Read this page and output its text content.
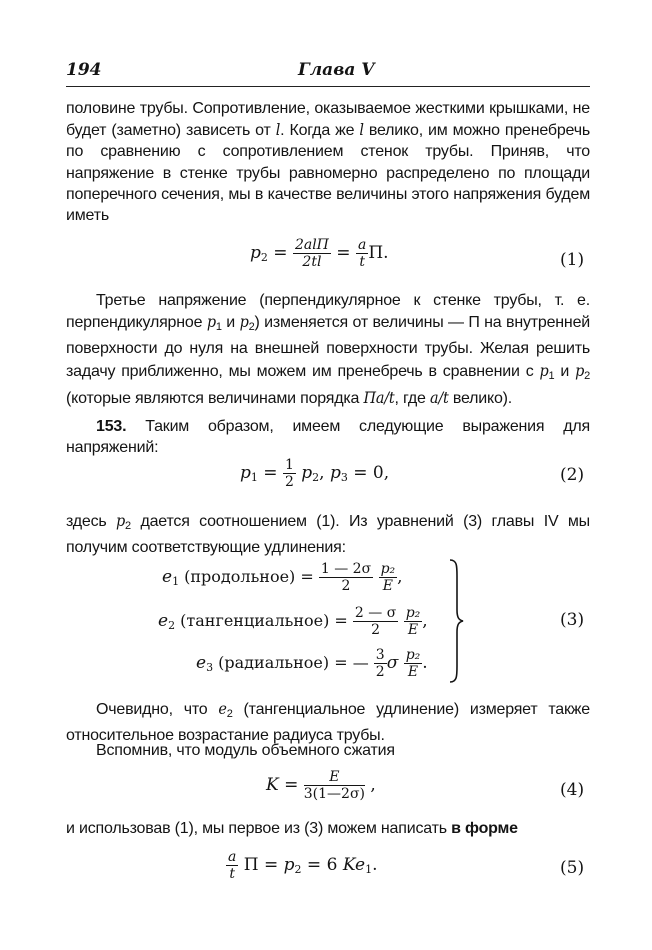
194	Глава V
половине трубы. Сопротивление, оказываемое жесткими крышками, не будет (заметно) зависеть от l. Когда же l велико, им можно пренебречь по сравнению с сопротивлением стенок трубы. Приняв, что напряжение в стенке трубы равномерно распределено по площади поперечного сечения, мы в качестве величины этого напряжения будем иметь
$p_2 = \frac{\text{2alП}}{2tl} = \frac{a}{t} П$.	(1)
Третье напряжение (перпендикулярное к стенке трубы, т. е. перпендикулярное $p_1$ и $p_2$) изменяется от величины — П на внутренней поверхности до нуля на внешней поверхности трубы. Желая решить задачу приближенно, мы можем им пренебречь в сравнении с $p_1$ и $p_2$ (которые являются величинами порядка Пa/t, где a/t велико).
153. Таким образом, имеем следующие выражения для напряжений:
$p_1 = \frac{1}{2} p_2$, $p_3 = 0$,	(2)
здесь $p_2$ дается соотношением (1). Из уравнений (3) главы IV мы получим соответствующие удлинения:
$e_1$ (продольное) = $\frac{1 — 2\sigma}{2}$
$\frac{\text{p₂}}{E}$ ,
$e_2$ (тангенциальное) = $\frac{2 — \sigma}{2}$
$\frac{\text{p₂}}{E}$ ,
$e_3$ (радиальное) = — $\frac{3}{2}$ σ $\frac{\text{p₂}}{E}$ .
(3)
Очевидно, что $e_2$ (тангенциальное удлинение) измеряет также относительное возрастание радиуса трубы.
Вспомнив, что модуль объемного сжатия
$K = \frac{E}{3(1—2\sigma)}$ ,	(4)
и использовав (1), мы первое из (3) можем написать в форме
$\frac{a}{t}$ $П = p_2 = 6$ $Ke_1$.	(5)
